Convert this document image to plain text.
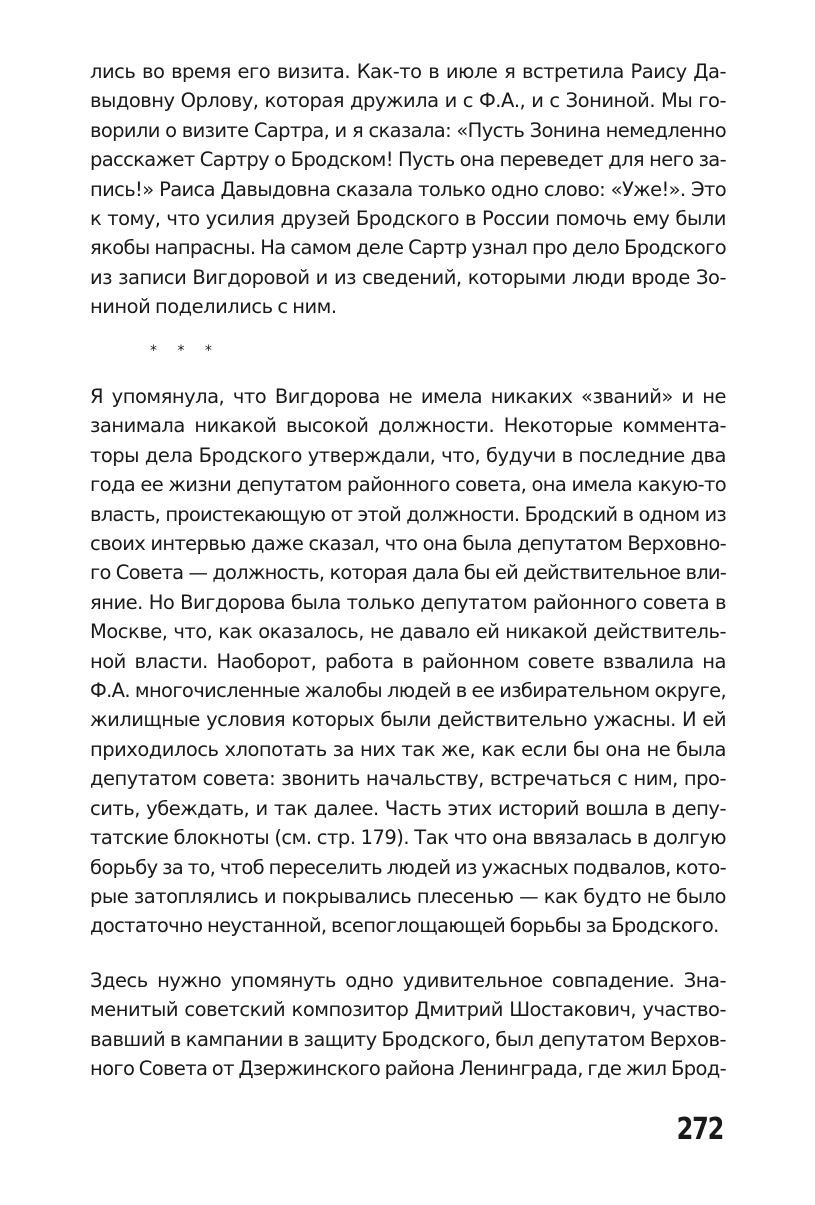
лись во время его визита. Как-то в июле я встретила Раису Да-
выдовну Орлову, которая дружила и с Ф.А., и с Зониной. Мы го-
ворили о визите Сартра, и я сказала: «Пусть Зонина немедленно
расскажет Сартру о Бродском! Пусть она переведет для него за-
пись!» Раиса Давыдовна сказала только одно слово: «Уже!». Это
к тому, что усилия друзей Бродского в России помочь ему были
якобы напрасны. На самом деле Сартр узнал про дело Бродского
из записи Вигдоровой и из сведений, которыми люди вроде Зо-
ниной поделились с ним.
* * *
Я упомянула, что Вигдорова не имела никаких «званий» и не
занимала никакой высокой должности. Некоторые коммента-
торы дела Бродского утверждали, что, будучи в последние два
года ее жизни депутатом районного совета, она имела какую-то
власть, проистекающую от этой должности. Бродский в одном из
своих интервью даже сказал, что она была депутатом Верховно-
го Совета — должность, которая дала бы ей действительное вли-
яние. Но Вигдорова была только депутатом районного совета в
Москве, что, как оказалось, не давало ей никакой действитель-
ной власти. Наоборот, работа в районном совете взвалила на
Ф.А. многочисленные жалобы людей в ее избирательном округе,
жилищные условия которых были действительно ужасны. И ей
приходилось хлопотать за них так же, как если бы она не была
депутатом совета: звонить начальству, встречаться с ним, про-
сить, убеждать, и так далее. Часть этих историй вошла в депу-
татские блокноты (см. стр. 179). Так что она ввязалась в долгую
борьбу за то, чтоб переселить людей из ужасных подвалов, кото-
рые затоплялись и покрывались плесенью — как будто не было
достаточно неустанной, всепоглощающей борьбы за Бродского.
Здесь нужно упомянуть одно удивительное совпадение. Зна-
менитый советский композитор Дмитрий Шостакович, участво-
вавший в кампании в защиту Бродского, был депутатом Верхов-
ного Совета от Дзержинского района Ленинграда, где жил Брод-
272
